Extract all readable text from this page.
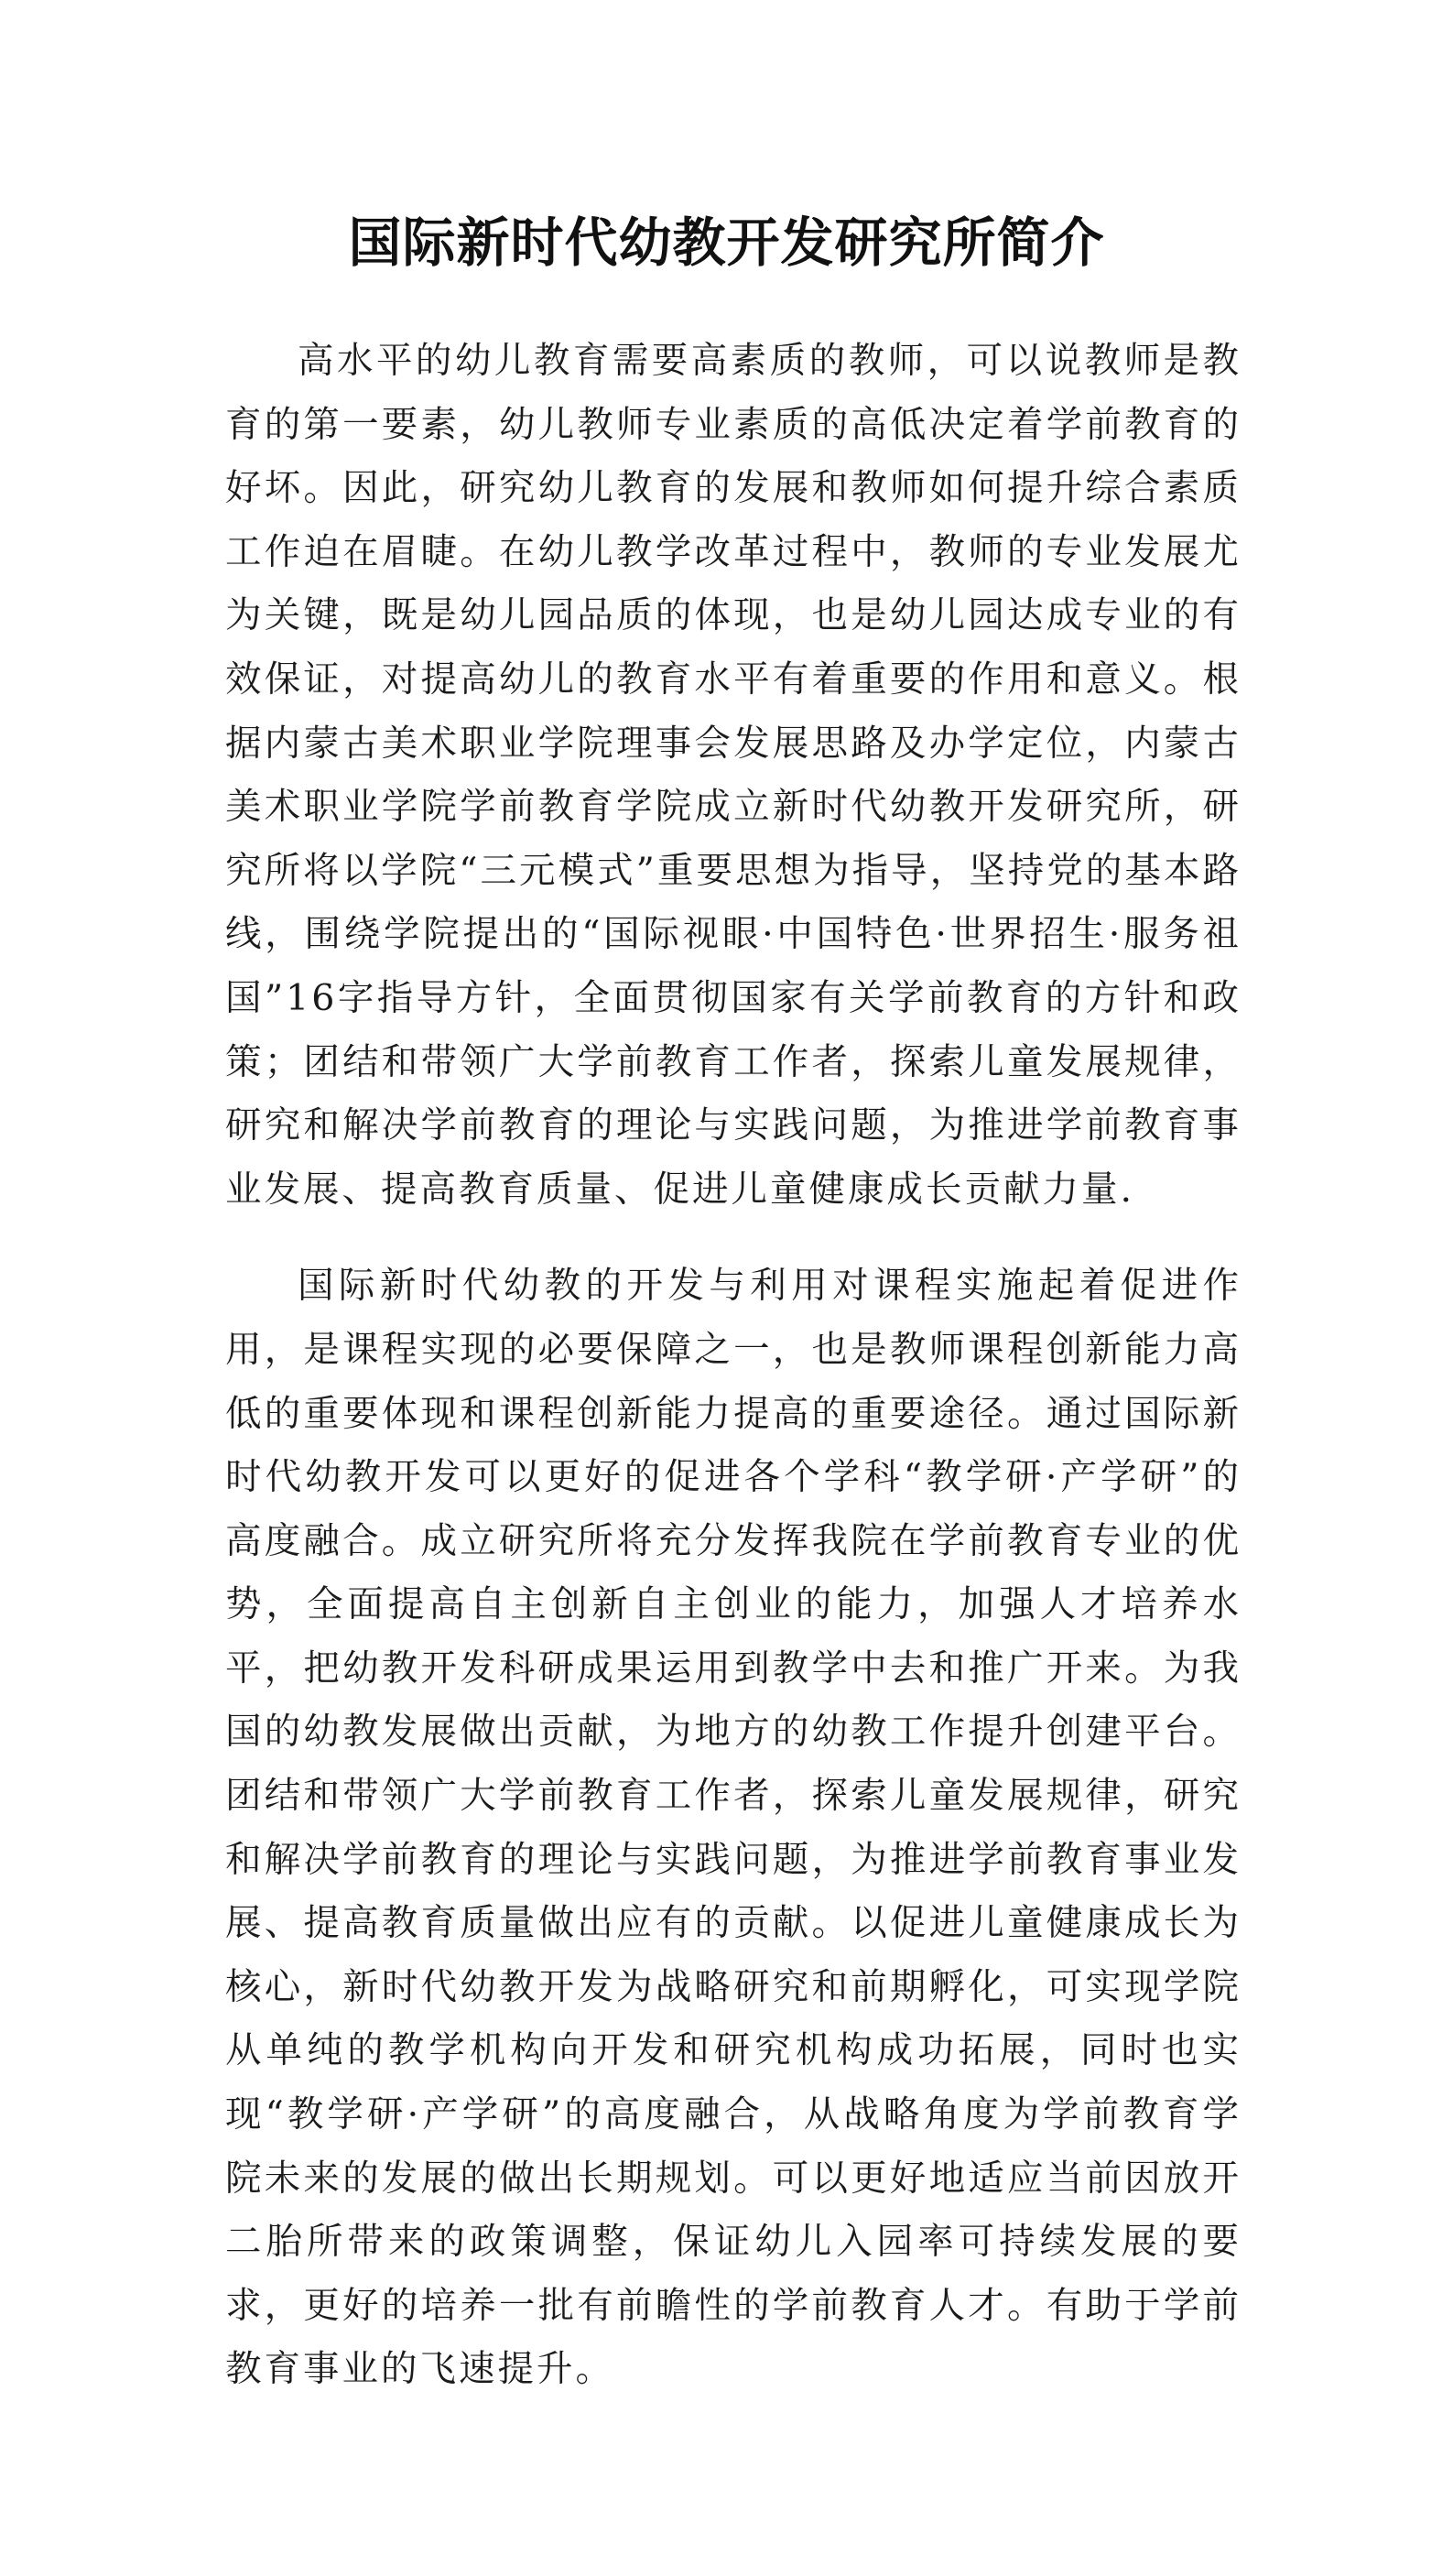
国际新时代幼教开发研究所简介

高水平的幼儿教育需要高素质的教师，可以说教师是教育的第一要素，幼儿教师专业素质的高低决定着学前教育的好坏。因此，研究幼儿教育的发展和教师如何提升综合素质工作迫在眉睫。在幼儿教学改革过程中，教师的专业发展尤为关键，既是幼儿园品质的体现，也是幼儿园达成专业的有效保证，对提高幼儿的教育水平有着重要的作用和意义。根据内蒙古美术职业学院理事会发展思路及办学定位，内蒙古美术职业学院学前教育学院成立新时代幼教开发研究所，研究所将以学院“三元模式”重要思想为指导，坚持党的基本路线，围绕学院提出的“国际视眼·中国特色·世界招生·服务祖国”16字指导方针，全面贯彻国家有关学前教育的方针和政策；团结和带领广大学前教育工作者，探索儿童发展规律，研究和解决学前教育的理论与实践问题，为推进学前教育事业发展、提高教育质量、促进儿童健康成长贡献力量.

国际新时代幼教的开发与利用对课程实施起着促进作用，是课程实现的必要保障之一，也是教师课程创新能力高低的重要体现和课程创新能力提高的重要途径。通过国际新时代幼教开发可以更好的促进各个学科“教学研·产学研”的高度融合。成立研究所将充分发挥我院在学前教育专业的优势，全面提高自主创新自主创业的能力，加强人才培养水平，把幼教开发科研成果运用到教学中去和推广开来。为我国的幼教发展做出贡献，为地方的幼教工作提升创建平台。团结和带领广大学前教育工作者，探索儿童发展规律，研究和解决学前教育的理论与实践问题，为推进学前教育事业发展、提高教育质量做出应有的贡献。以促进儿童健康成长为核心，新时代幼教开发为战略研究和前期孵化，可实现学院从单纯的教学机构向开发和研究机构成功拓展，同时也实现“教学研·产学研”的高度融合，从战略角度为学前教育学院未来的发展的做出长期规划。可以更好地适应当前因放开二胎所带来的政策调整，保证幼儿入园率可持续发展的要求，更好的培养一批有前瞻性的学前教育人才。有助于学前教育事业的飞速提升。
